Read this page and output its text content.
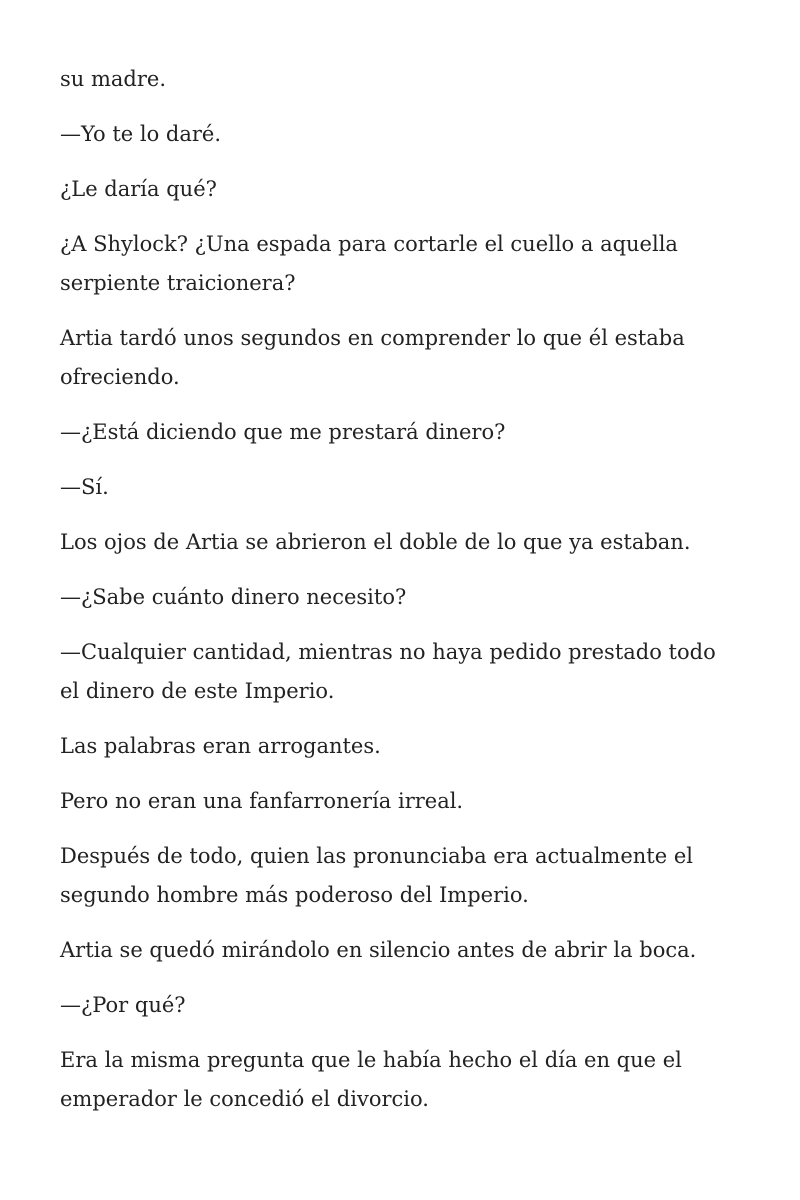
su madre.

—Yo te lo daré.

¿Le daría qué?

¿A Shylock? ¿Una espada para cortarle el cuello a aquella serpiente traicionera?

Artia tardó unos segundos en comprender lo que él estaba ofreciendo.

—¿Está diciendo que me prestará dinero?

—Sí.

Los ojos de Artia se abrieron el doble de lo que ya estaban.

—¿Sabe cuánto dinero necesito?

—Cualquier cantidad, mientras no haya pedido prestado todo el dinero de este Imperio.

Las palabras eran arrogantes.

Pero no eran una fanfarronería irreal.

Después de todo, quien las pronunciaba era actualmente el segundo hombre más poderoso del Imperio.

Artia se quedó mirándolo en silencio antes de abrir la boca.

—¿Por qué?

Era la misma pregunta que le había hecho el día en que el emperador le concedió el divorcio.
